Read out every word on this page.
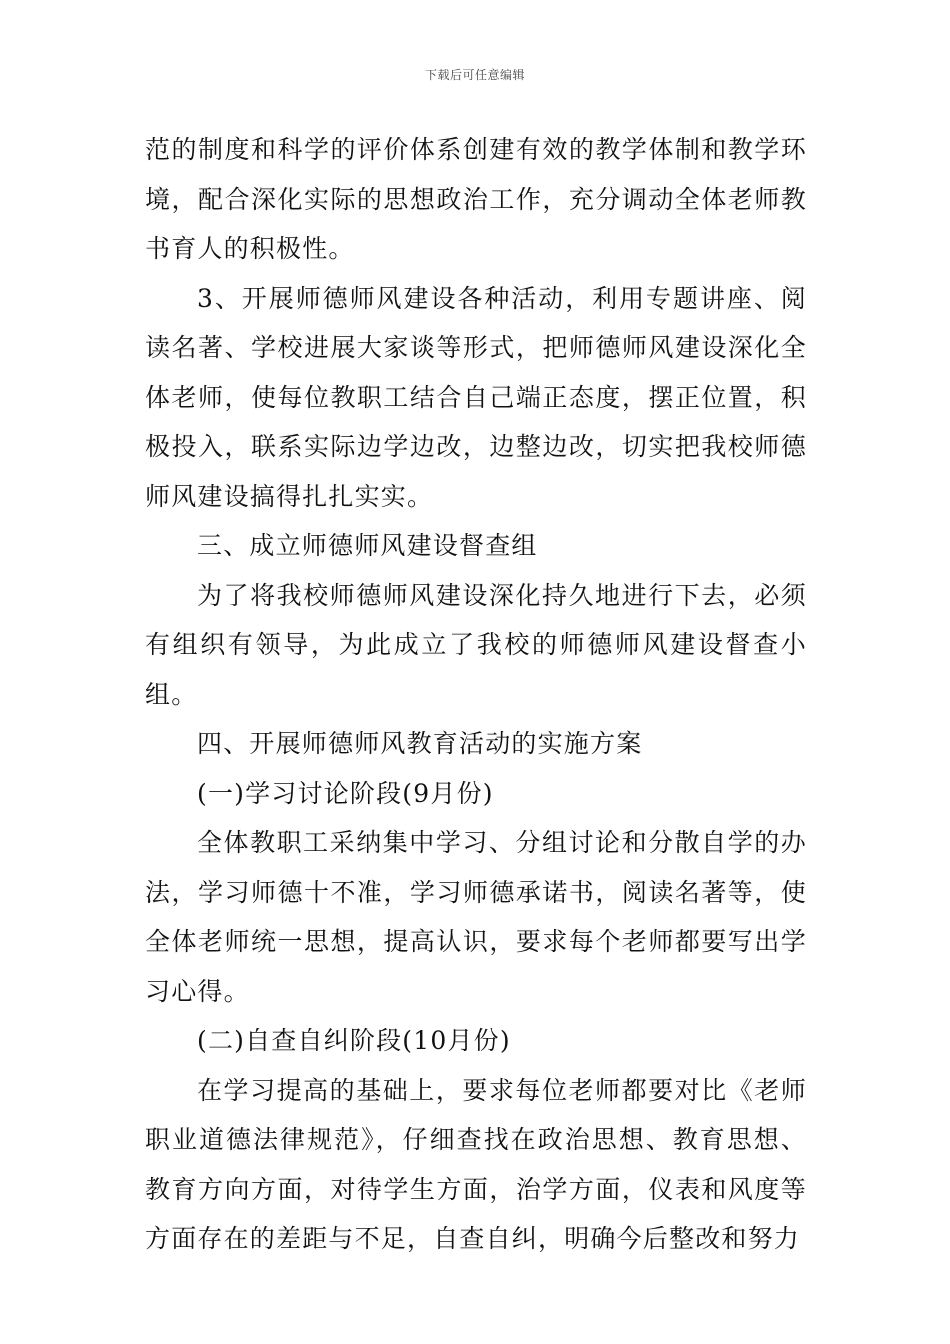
下载后可任意编辑

范的制度和科学的评价体系创建有效的教学体制和教学环境，配合深化实际的思想政治工作，充分调动全体老师教书育人的积极性。

3、开展师德师风建设各种活动，利用专题讲座、阅读名著、学校进展大家谈等形式，把师德师风建设深化全体老师，使每位教职工结合自己端正态度，摆正位置，积极投入，联系实际边学边改，边整边改，切实把我校师德师风建设搞得扎扎实实。

三、成立师德师风建设督查组

为了将我校师德师风建设深化持久地进行下去，必须有组织有领导，为此成立了我校的师德师风建设督查小组。

四、开展师德师风教育活动的实施方案

(一)学习讨论阶段(9月份)

全体教职工采纳集中学习、分组讨论和分散自学的办法，学习师德十不准，学习师德承诺书，阅读名著等，使全体老师统一思想，提高认识，要求每个老师都要写出学习心得。

(二)自查自纠阶段(10月份)

在学习提高的基础上，要求每位老师都要对比《老师职业道德法律规范》，仔细查找在政治思想、教育思想、教育方向方面，对待学生方面，治学方面，仪表和风度等方面存在的差距与不足，自查自纠，明确今后整改和努力
